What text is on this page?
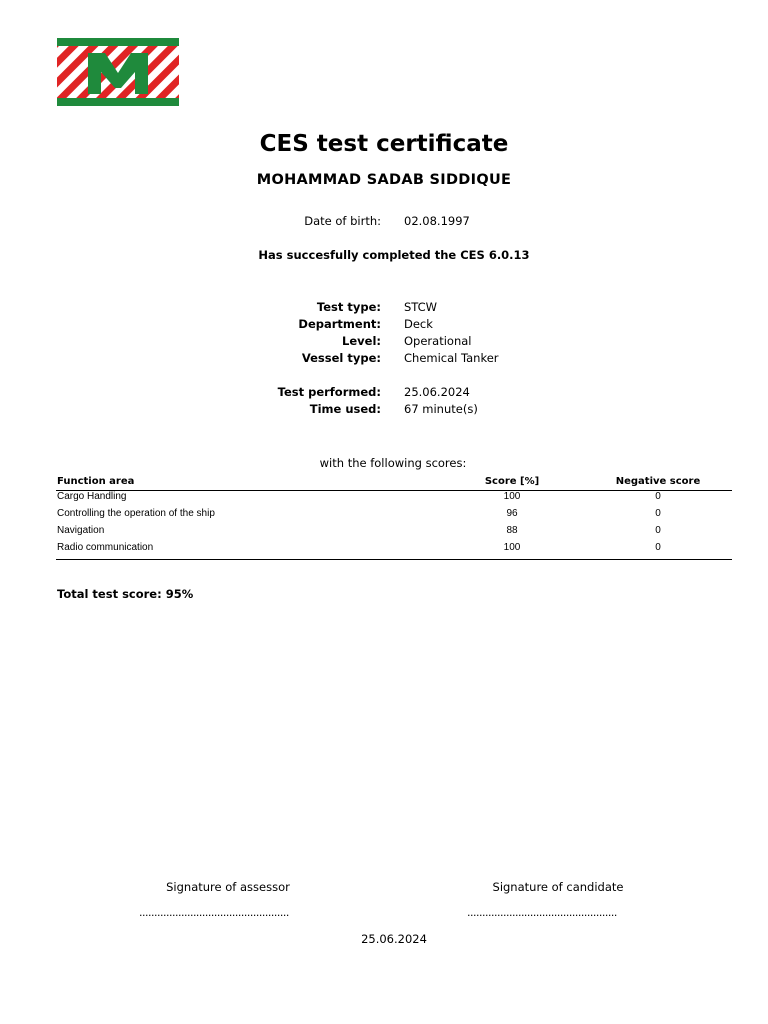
CES test certificate
MOHAMMAD SADAB SIDDIQUE
Date of birth: 02.08.1997
Has succesfully completed the CES 6.0.13
Test type: STCW
Department: Deck
Level: Operational
Vessel type: Chemical Tanker
Test performed: 25.06.2024
Time used: 67 minute(s)
with the following scores:
Function area	Score [%]	Negative score
Cargo Handling	100	0
Controlling the operation of the ship	96	0
Navigation	88	0
Radio communication	100	0
Total test score: 95%
Signature of assessor	Signature of candidate
..................................................	..................................................
25.06.2024
